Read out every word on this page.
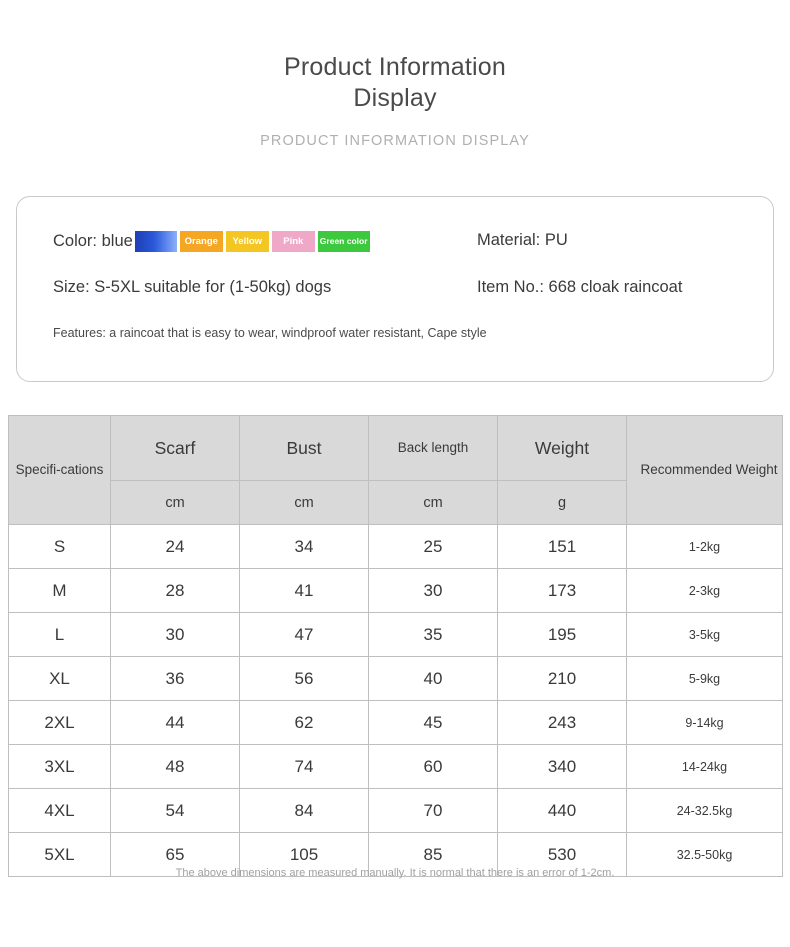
Product Information Display
PRODUCT INFORMATION DISPLAY
Color: blue	Orange	Yellow	Pink	Green color	Material: PU
Size: S-5XL suitable for (1-50kg) dogs	Item No.: 668 cloak raincoat
Features: a raincoat that is easy to wear, windproof water resistant, Cape style
Specifi-cations	Scarf	Bust	Back length	Weight	Recommended Weight
	cm	cm	cm	g	
S	24	34	25	151	1-2kg
M	28	41	30	173	2-3kg
L	30	47	35	195	3-5kg
XL	36	56	40	210	5-9kg
2XL	44	62	45	243	9-14kg
3XL	48	74	60	340	14-24kg
4XL	54	84	70	440	24-32.5kg
5XL	65	105	85	530	32.5-50kg
The above dimensions are measured manually. It is normal that there is an error of 1-2cm.
